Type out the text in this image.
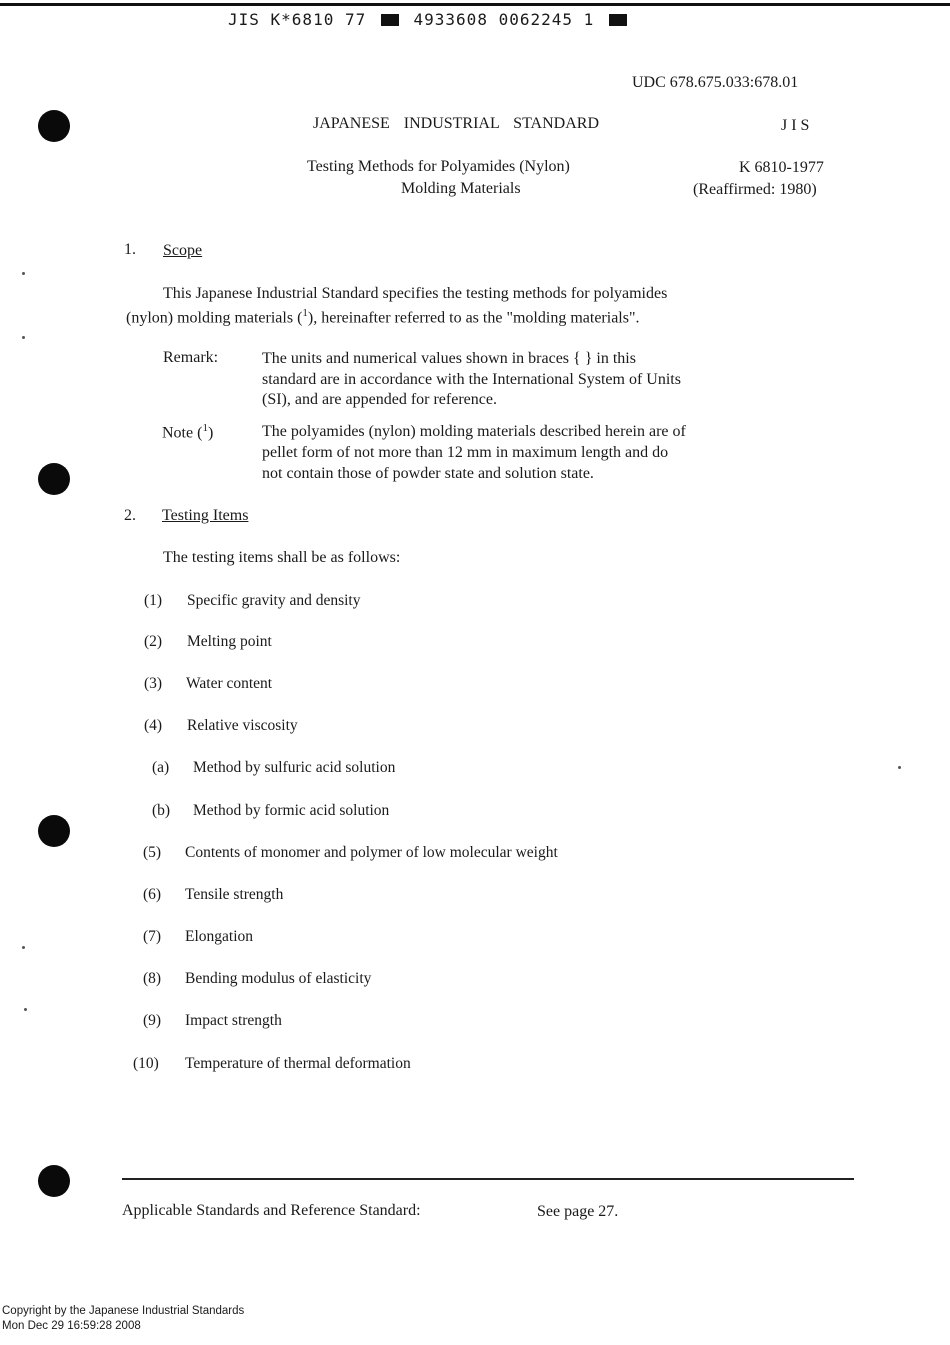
JIS K*6810 77	4933608 0062245 1
UDC 678.675.033:678.01
JAPANESE INDUSTRIAL STANDARD	J I S
Testing Methods for Polyamides (Nylon)
Molding Materials
K 6810-1977
(Reaffirmed: 1980)
1. Scope
This Japanese Industrial Standard specifies the testing methods for polyamides
(nylon) molding materials ($^1$), hereinafter referred to as the "molding materials".
Remark:	The units and numerical values shown in braces { } in this
standard are in accordance with the International System of Units
(SI), and are appended for reference.
Note ($^1$)	The polyamides (nylon) molding materials described herein are of
pellet form of not more than 12 mm in maximum length and do
not contain those of powder state and solution state.
2. Testing Items
The testing items shall be as follows:
(1) Specific gravity and density
(2) Melting point
(3) Water content
(4) Relative viscosity
(a) Method by sulfuric acid solution
(b) Method by formic acid solution
(5) Contents of monomer and polymer of low molecular weight
(6) Tensile strength
(7) Elongation
(8) Bending modulus of elasticity
(9) Impact strength
(10) Temperature of thermal deformation
Applicable Standards and Reference Standard:	See page 27.
Copyright by the Japanese Industrial Standards
Mon Dec 29 16:59:28 2008
